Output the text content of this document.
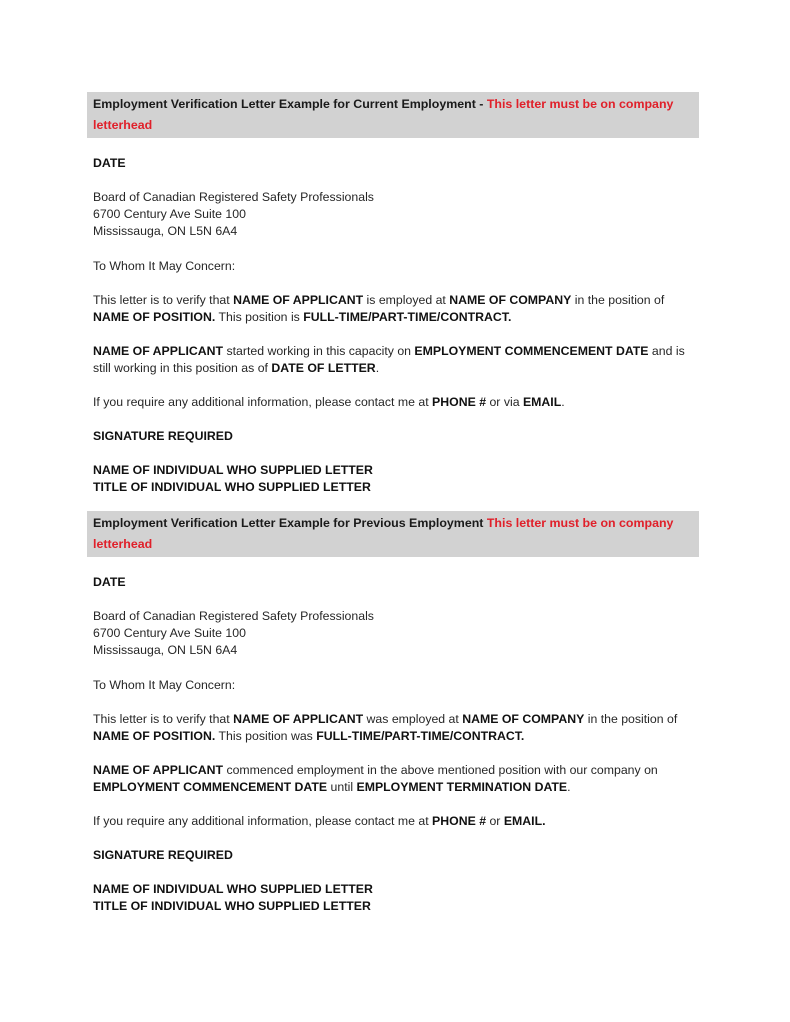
Employment Verification Letter Example for Current Employment - This letter must be on company letterhead
DATE
Board of Canadian Registered Safety Professionals
6700 Century Ave Suite 100
Mississauga, ON L5N 6A4
To Whom It May Concern:
This letter is to verify that NAME OF APPLICANT is employed at NAME OF COMPANY in the position of NAME OF POSITION. This position is FULL-TIME/PART-TIME/CONTRACT.
NAME OF APPLICANT started working in this capacity on EMPLOYMENT COMMENCEMENT DATE and is still working in this position as of DATE OF LETTER.
If you require any additional information, please contact me at PHONE # or via EMAIL.
SIGNATURE REQUIRED
NAME OF INDIVIDUAL WHO SUPPLIED LETTER
TITLE OF INDIVIDUAL WHO SUPPLIED LETTER
Employment Verification Letter Example for Previous Employment This letter must be on company letterhead
DATE
Board of Canadian Registered Safety Professionals
6700 Century Ave Suite 100
Mississauga, ON L5N 6A4
To Whom It May Concern:
This letter is to verify that NAME OF APPLICANT was employed at NAME OF COMPANY in the position of NAME OF POSITION. This position was FULL-TIME/PART-TIME/CONTRACT.
NAME OF APPLICANT commenced employment in the above mentioned position with our company on EMPLOYMENT COMMENCEMENT DATE until EMPLOYMENT TERMINATION DATE.
If you require any additional information, please contact me at PHONE # or EMAIL.
SIGNATURE REQUIRED
NAME OF INDIVIDUAL WHO SUPPLIED LETTER
TITLE OF INDIVIDUAL WHO SUPPLIED LETTER
